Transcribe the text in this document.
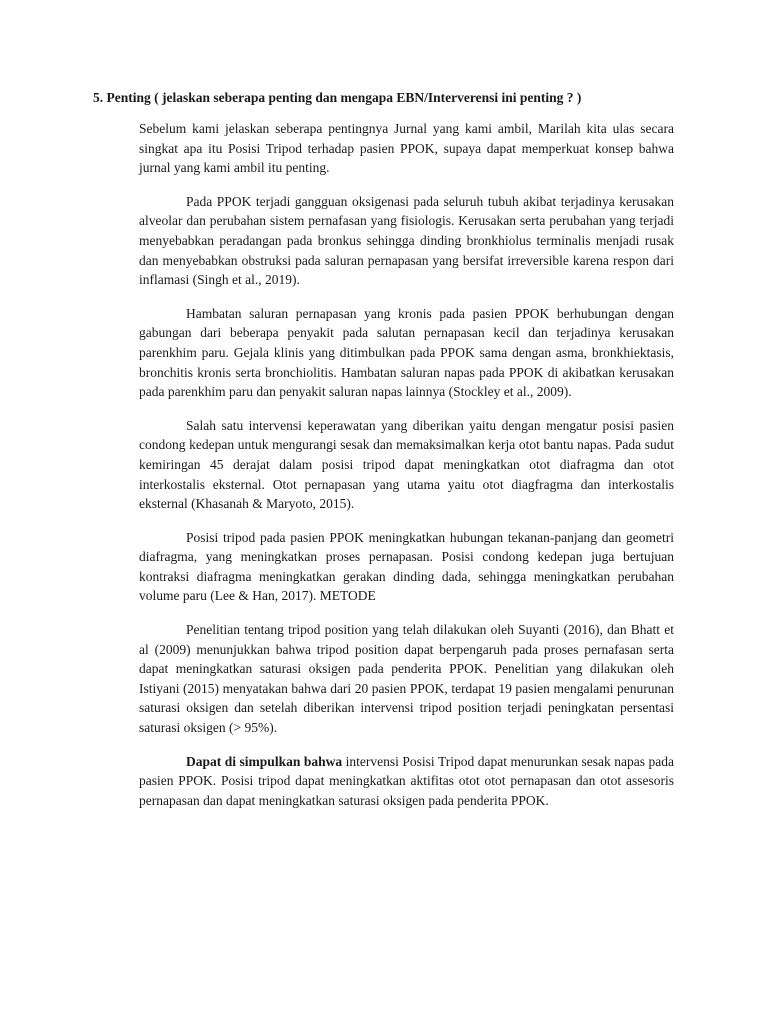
5. Penting ( jelaskan seberapa penting dan mengapa EBN/Interverensi ini penting ? )

Sebelum kami jelaskan seberapa pentingnya Jurnal yang kami ambil, Marilah kita ulas secara singkat apa itu Posisi Tripod terhadap pasien PPOK, supaya dapat memperkuat konsep bahwa jurnal yang kami ambil itu penting.

Pada PPOK terjadi gangguan oksigenasi pada seluruh tubuh akibat terjadinya kerusakan alveolar dan perubahan sistem pernafasan yang fisiologis. Kerusakan serta perubahan yang terjadi menyebabkan peradangan pada bronkus sehingga dinding bronkhiolus terminalis menjadi rusak dan menyebabkan obstruksi pada saluran pernapasan yang bersifat irreversible karena respon dari inflamasi (Singh et al., 2019).

Hambatan saluran pernapasan yang kronis pada pasien PPOK berhubungan dengan gabungan dari beberapa penyakit pada salutan pernapasan kecil dan terjadinya kerusakan parenkhim paru. Gejala klinis yang ditimbulkan pada PPOK sama dengan asma, bronkhiektasis, bronchitis kronis serta bronchiolitis. Hambatan saluran napas pada PPOK di akibatkan kerusakan pada parenkhim paru dan penyakit saluran napas lainnya (Stockley et al., 2009).

Salah satu intervensi keperawatan yang diberikan yaitu dengan mengatur posisi pasien condong kedepan untuk mengurangi sesak dan memaksimalkan kerja otot bantu napas. Pada sudut kemiringan 45 derajat dalam posisi tripod dapat meningkatkan otot diafragma dan otot interkostalis eksternal. Otot pernapasan yang utama yaitu otot diagfragma dan interkostalis eksternal (Khasanah & Maryoto, 2015).

Posisi tripod pada pasien PPOK meningkatkan hubungan tekanan-panjang dan geometri diafragma, yang meningkatkan proses pernapasan. Posisi condong kedepan juga bertujuan kontraksi diafragma meningkatkan gerakan dinding dada, sehingga meningkatkan perubahan volume paru (Lee & Han, 2017). METODE

Penelitian tentang tripod position yang telah dilakukan oleh Suyanti (2016), dan Bhatt et al (2009) menunjukkan bahwa tripod position dapat berpengaruh pada proses pernafasan serta dapat meningkatkan saturasi oksigen pada penderita PPOK. Penelitian yang dilakukan oleh Istiyani (2015) menyatakan bahwa dari 20 pasien PPOK, terdapat 19 pasien mengalami penurunan saturasi oksigen dan setelah diberikan intervensi tripod position terjadi peningkatan persentasi saturasi oksigen (> 95%).

Dapat di simpulkan bahwa intervensi Posisi Tripod dapat menurunkan sesak napas pada pasien PPOK. Posisi tripod dapat meningkatkan aktifitas otot otot pernapasan dan otot assesoris pernapasan dan dapat meningkatkan saturasi oksigen pada penderita PPOK.
